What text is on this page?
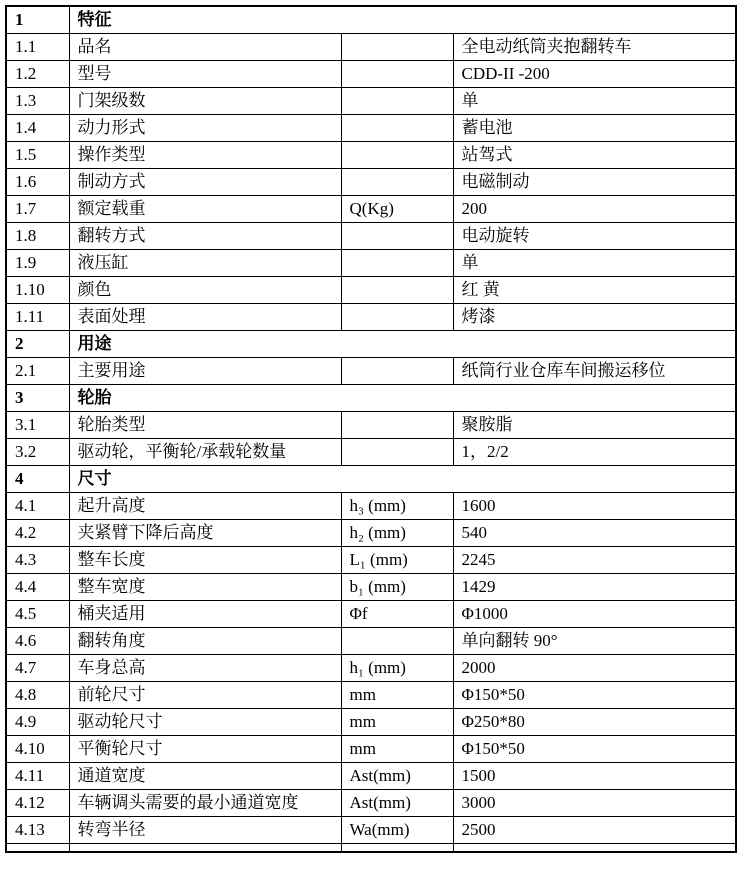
1	特征		
1.1	品名		全电动纸筒夹抱翻转车
1.2	型号		CDD-II -200
1.3	门架级数		单
1.4	动力形式		蓄电池
1.5	操作类型		站驾式
1.6	制动方式		电磁制动
1.7	额定载重	Q(Kg)	200
1.8	翻转方式		电动旋转
1.9	液压缸		单
1.10	颜色		红 黄
1.11	表面处理		烤漆
2	用途		
2.1	主要用途		纸筒行业仓库车间搬运移位
3	轮胎		
3.1	轮胎类型		聚胺脂
3.2	驱动轮，平衡轮/承载轮数量		1，2/2
4	尺寸		
4.1	起升高度	h₃ (mm)	1600
4.2	夹紧臂下降后高度	h₂ (mm)	540
4.3	整车长度	L₁ (mm)	2245
4.4	整车宽度	b₁ (mm)	1429
4.5	桶夹适用	Φf	Φ1000
4.6	翻转角度		单向翻转 90°
4.7	车身总高	h₁ (mm)	2000
4.8	前轮尺寸	mm	Φ150*50
4.9	驱动轮尺寸	mm	Φ250*80
4.10	平衡轮尺寸	mm	Φ150*50
4.11	通道宽度	Ast(mm)	1500
4.12	车辆调头需要的最小通道宽度	Ast(mm)	3000
4.13	转弯半径	Wa(mm)	2500
